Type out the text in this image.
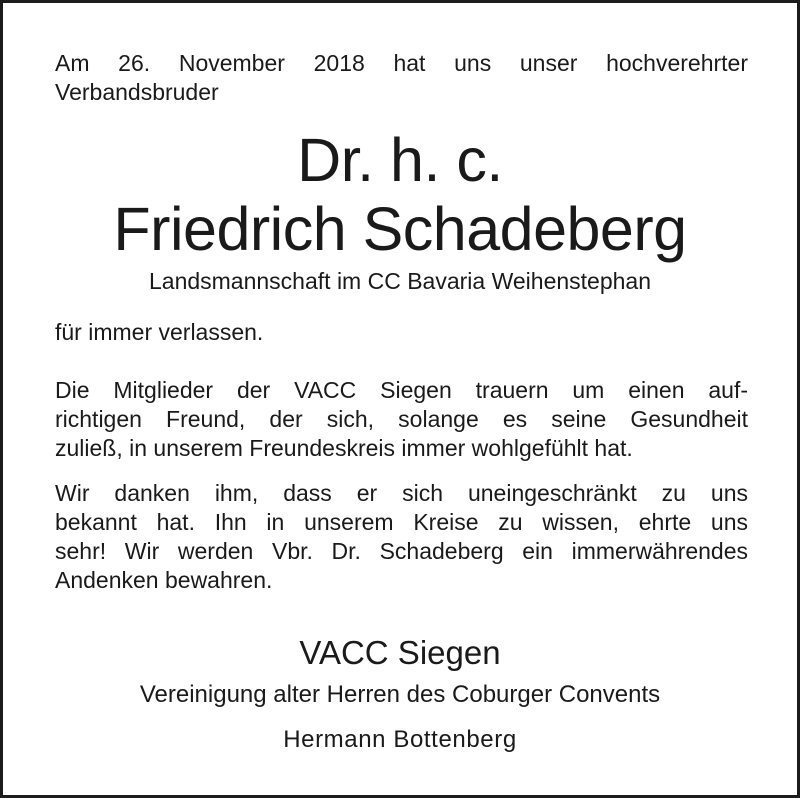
Am 26. November 2018 hat uns unser hochverehrter Verbandsbruder
Dr. h. c.
Friedrich Schadeberg
Landsmannschaft im CC Bavaria Weihenstephan
für immer verlassen.
Die Mitglieder der VACC Siegen trauern um einen auf-
richtigen Freund, der sich, solange es seine Gesundheit
zuließ, in unserem Freundeskreis immer wohlgefühlt hat.
Wir danken ihm, dass er sich uneingeschränkt zu uns
bekannt hat. Ihn in unserem Kreise zu wissen, ehrte uns
sehr! Wir werden Vbr. Dr. Schadeberg ein immerwährendes
Andenken bewahren.
VACC Siegen
Vereinigung alter Herren des Coburger Convents
Hermann Bottenberg
